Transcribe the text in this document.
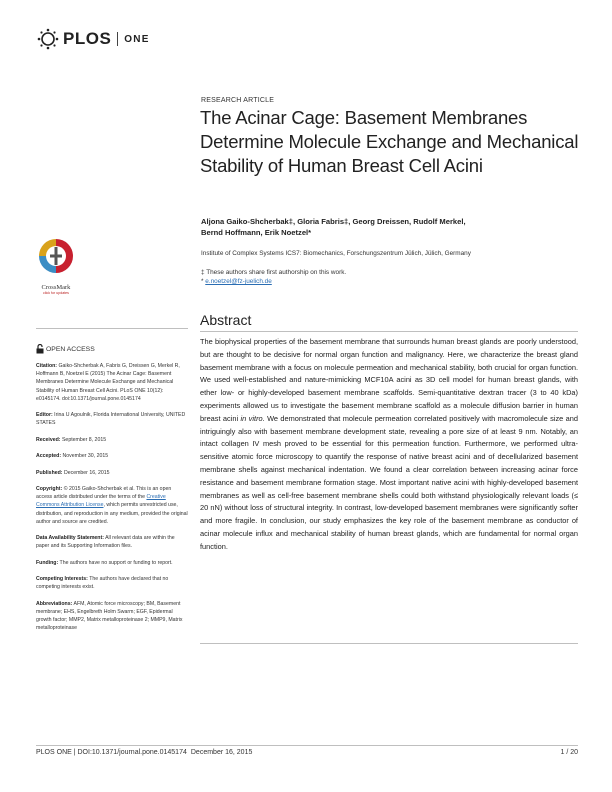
PLOS ONE
RESEARCH ARTICLE
The Acinar Cage: Basement Membranes Determine Molecule Exchange and Mechanical Stability of Human Breast Cell Acini
Aljona Gaiko-Shcherbak‡, Gloria Fabris‡, Georg Dreissen, Rudolf Merkel,
Bernd Hoffmann, Erik Noetzel*
Institute of Complex Systems ICS7: Biomechanics, Forschungszentrum Jülich, Jülich, Germany
‡ These authors share first authorship on this work.
* e.noetzel@fz-juelich.de
CrossMark
click for updates
Abstract
The biophysical properties of the basement membrane that surrounds human breast glands are poorly understood, but are thought to be decisive for normal organ function and malignancy. Here, we characterize the breast gland basement membrane with a focus on molecule permeation and mechanical stability, both crucial for organ function. We used well-established and nature-mimicking MCF10A acini as 3D cell model for human breast glands, with ether low- or highly-developed basement membrane scaffolds. Semi-quantitative dextran tracer (3 to 40 kDa) experiments allowed us to investigate the basement membrane scaffold as a molecule diffusion barrier in human breast acini in vitro. We demonstrated that molecule permeation correlated positively with macromolecule size and intriguingly also with basement membrane development state, revealing a pore size of at least 9 nm. Notably, an intact collagen IV mesh proved to be essential for this permeation function. Furthermore, we performed ultra-sensitive atomic force microscopy to quantify the response of native breast acini and of decellularized basement membrane shells against mechanical indentation. We found a clear correlation between increasing acinar force resistance and basement membrane formation stage. Most important native acini with highly-developed basement membranes as well as cell-free basement membrane shells could both withstand physiologically relevant loads (≤ 20 nN) without loss of structural integrity. In contrast, low-developed basement membranes were significantly softer and more fragile. In conclusion, our study emphasizes the key role of the basement membrane as conductor of acinar molecule influx and mechanical stability of human breast glands, which are fundamental for normal organ function.
OPEN ACCESS
Citation: Gaiko-Shcherbak A, Fabris G, Dreissen G, Merkel R, Hoffmann B, Noetzel E (2015) The Acinar Cage: Basement Membranes Determine Molecule Exchange and Mechanical Stability of Human Breast Cell Acini. PLoS ONE 10(12): e0145174. doi:10.1371/journal.pone.0145174
Editor: Irina U Agoulnik, Florida International University, UNITED STATES
Received: September 8, 2015
Accepted: November 30, 2015
Published: December 16, 2015
Copyright: © 2015 Gaiko-Shcherbak et al. This is an open access article distributed under the terms of the Creative Commons Attribution License, which permits unrestricted use, distribution, and reproduction in any medium, provided the original author and source are credited.
Data Availability Statement: All relevant data are within the paper and its Supporting Information files.
Funding: The authors have no support or funding to report.
Competing Interests: The authors have declared that no competing interests exist.
Abbreviations: AFM, Atomic force microscopy; BM, Basement membrane; EHS, Engelbreth Holm Swarm; EGF, Epidermal growth factor; MMP2, Matrix metalloproteinase 2; MMP9, Matrix metalloproteinase
PLOS ONE | DOI:10.1371/journal.pone.0145174 December 16, 2015	1 / 20
